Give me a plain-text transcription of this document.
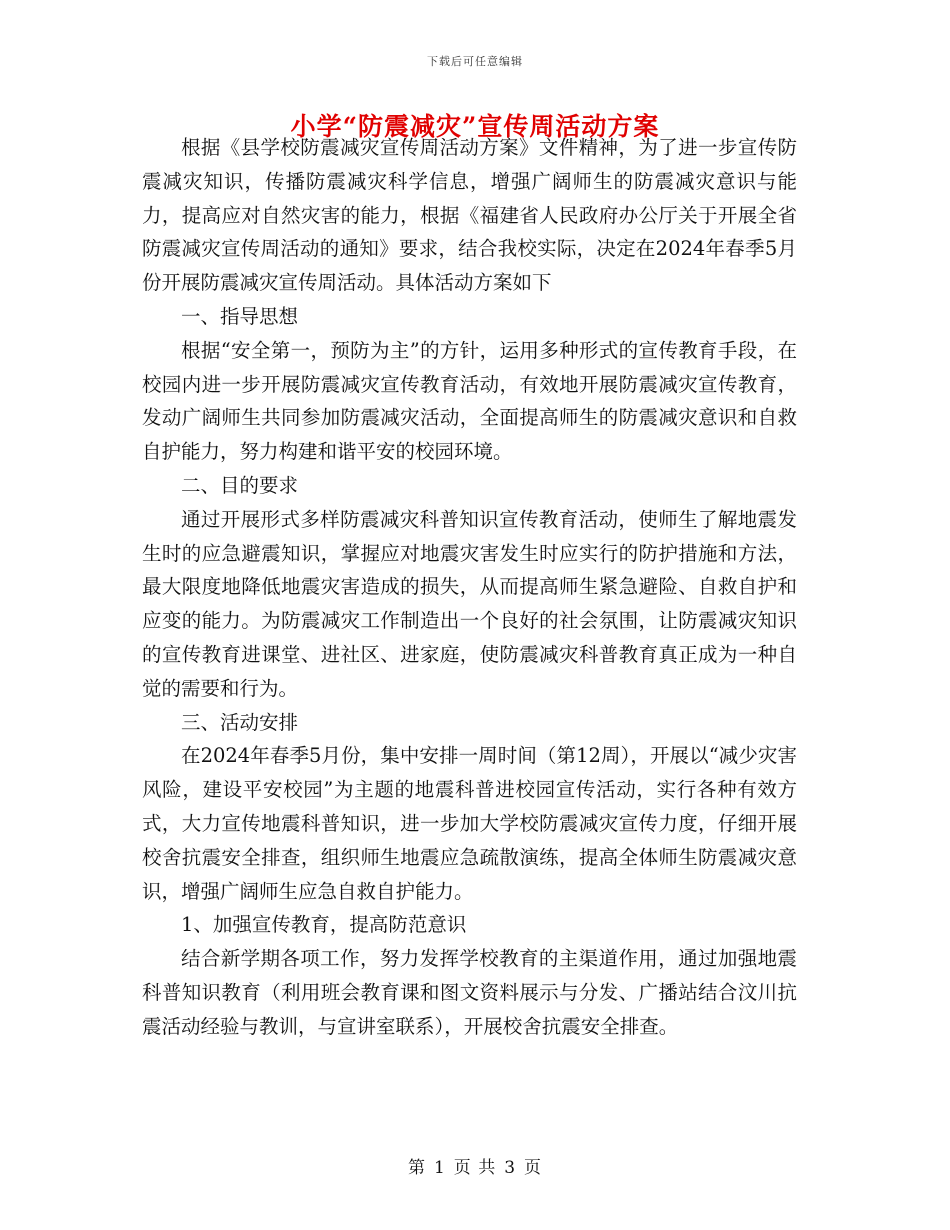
下载后可任意编辑
小学“防震减灾”宣传周活动方案

根据《县学校防震减灾宣传周活动方案》文件精神，为了进一步宣传防震减灾知识，传播防震减灾科学信息，增强广阔师生的防震减灾意识与能力，提高应对自然灾害的能力，根据《福建省人民政府办公厅关于开展全省防震减灾宣传周活动的通知》要求，结合我校实际，决定在2024年春季5月份开展防震减灾宣传周活动。具体活动方案如下

一、指导思想

根据“安全第一，预防为主”的方针，运用多种形式的宣传教育手段，在校园内进一步开展防震减灾宣传教育活动，有效地开展防震减灾宣传教育，发动广阔师生共同参加防震减灾活动，全面提高师生的防震减灾意识和自救自护能力，努力构建和谐平安的校园环境。

二、目的要求

通过开展形式多样防震减灾科普知识宣传教育活动，使师生了解地震发生时的应急避震知识，掌握应对地震灾害发生时应实行的防护措施和方法，最大限度地降低地震灾害造成的损失，从而提高师生紧急避险、自救自护和应变的能力。为防震减灾工作制造出一个良好的社会氛围，让防震减灾知识的宣传教育进课堂、进社区、进家庭，使防震减灾科普教育真正成为一种自觉的需要和行为。

三、活动安排

在2024年春季5月份，集中安排一周时间（第12周），开展以“减少灾害风险，建设平安校园”为主题的地震科普进校园宣传活动，实行各种有效方式，大力宣传地震科普知识，进一步加大学校防震减灾宣传力度，仔细开展校舍抗震安全排查，组织师生地震应急疏散演练，提高全体师生防震减灾意识，增强广阔师生应急自救自护能力。

1、加强宣传教育，提高防范意识

结合新学期各项工作，努力发挥学校教育的主渠道作用，通过加强地震科普知识教育（利用班会教育课和图文资料展示与分发、广播站结合汶川抗震活动经验与教训，与宣讲室联系），开展校舍抗震安全排查。

第 1 页 共 3 页
